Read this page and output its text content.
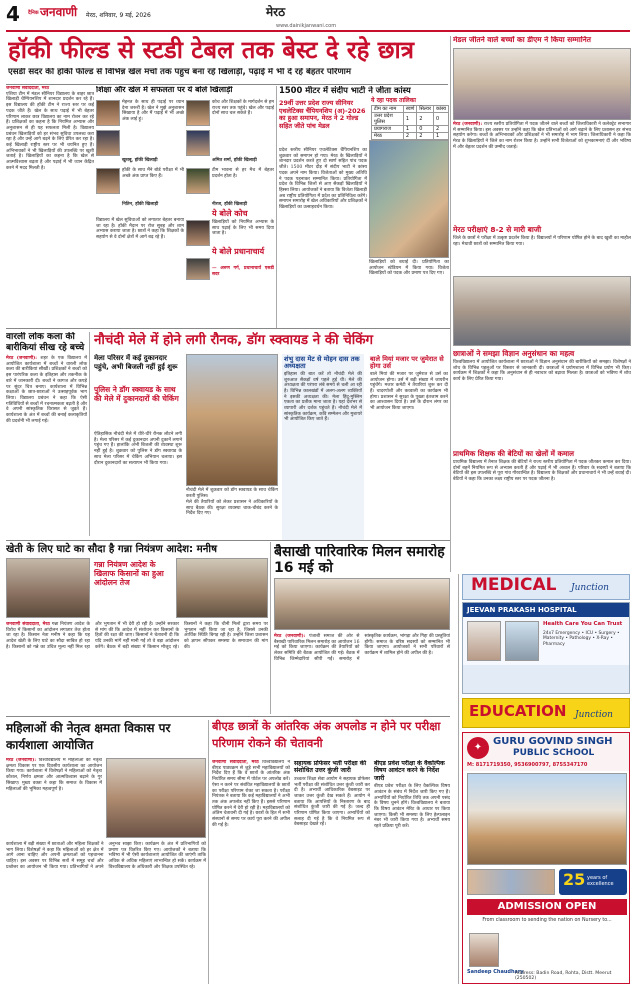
4 दैनिक जनवाणी मेरठ, शनिवार, 9 मई, 2026	मेरठ
www.dainikjanwani.com
हॉकी फील्ड से स्टडी टेबल तक बेस्ट दे रहे छात्र
एसडी सदर की हॉकी फील्ड से विभिन्न खेल मंचों तक पहुंच बना रहे खिलाड़ी, पढ़ाई में भी दे रहे बेहतर परिणाम
जनवाणी संवाददाता, मेरठ
एशिया टीम में मंडल सीनियर विद्यालय के बाहर छात्र खिलाड़ी चैम्पियनशिप में शानदार प्रदर्शन कर रहे हैं। इस विद्यालय की हॉकी टीम ने राज्य स्तर पर कई पदक जीते हैं। खेल के साथ पढ़ाई में भी बेहतर परिणाम लाकर छात्र विद्यालय का नाम रोशन कर रहे हैं। प्रशिक्षकों का कहना है कि नियमित अभ्यास और अनुशासन से ही यह सफलता मिली है। विद्यालय प्रबंधन खिलाड़ियों को हर संभव सुविधा उपलब्ध करा रहा है और उन्हें आगे बढ़ने के लिए प्रेरित कर रहा है। कई खिलाड़ी राष्ट्रीय स्तर पर भी चयनित हुए हैं। अभिभावकों ने भी खिलाड़ियों की उपलब्धि पर खुशी जताई है। खिलाड़ियों का कहना है कि खेल से आत्मविश्वास बढ़ता है और पढ़ाई में भी ध्यान केंद्रित करने में मदद मिलती है।
शिक्षा और खेल में सफलता पर ये बोले खिलाड़ी
मेहनत के साथ ही पढ़ाई पर ध्यान देना जरूरी है। खेल ने मुझे अनुशासन सिखाया है और मैं पढ़ाई में भी अच्छे अंक लाई हूं।
कोच और शिक्षकों के मार्गदर्शन से हम राज्य स्तर तक पहुंचे। खेल और पढ़ाई दोनों साथ चल सकते हैं।
खुशबू, हॉकी खिलाड़ी	अमित शर्मा, हॉकी खिलाड़ी
हॉकी के साथ मैंने बोर्ड परीक्षा में भी अच्छे अंक प्राप्त किए हैं।
टीम भावना से हर मैच में बेहतर प्रदर्शन होता है।
नितिन, हॉकी खिलाड़ी	नीरज, हॉकी खिलाड़ी
ये बोले कोच
खिलाड़ियों को नियमित अभ्यास के साथ पढ़ाई के लिए भी समय दिया जाता है।
ये बोले प्रधानाचार्य
— अरुण गर्ग, प्रधानाचार्य एसडी सदर
विद्यालय में खेल सुविधाओं को लगातार बेहतर बनाया जा रहा है। हॉकी मैदान पर रोज सुबह और शाम अभ्यास कराया जाता है। छात्रों ने कहा कि शिक्षकों के सहयोग से वे दोनों क्षेत्रों में आगे बढ़ रहे हैं।
1500 मीटर में संदीप भाटी ने जीता कांस्य
29वीं उत्तर प्रदेश राज्य सीनियर एथलेटिक्स चैंपियनशिप (अ)-2026 का हुआ समापन, मेरठ ने 2 गोल्ड सहित जीते पांच मेडल
ये रहा पदक तालिका
टीम का नाम	स्वर्ण	सिल्वर	कांस्य
उत्तर प्रदेश पुलिस	1	2	0
प्रयागराज	1	0	2
मेरठ	2	2	1
प्रदेश स्तरीय सीनियर एथलेटिक्स चैंपियनशिप का शुक्रवार को समापन हो गया। मेरठ के खिलाड़ियों ने शानदार प्रदर्शन करते हुए दो स्वर्ण सहित पांच पदक जीते। 1500 मीटर दौड़ में संदीप भाटी ने कांस्य पदक अपने नाम किया। विजेताओं को मुख्य अतिथि ने पदक पहनाकर सम्मानित किया। प्रतियोगिता में प्रदेश के विभिन्न जिलों से आए सैकड़ों खिलाड़ियों ने हिस्सा लिया। आयोजकों ने बताया कि विजेता खिलाड़ी अब राष्ट्रीय प्रतियोगिता में प्रदेश का प्रतिनिधित्व करेंगे। समापन समारोह में खेल अधिकारियों और प्रशिक्षकों ने खिलाड़ियों का उत्साहवर्धन किया।
खिलाड़ियों को बधाई दी। प्रतियोगिता का आयोजन स्टेडियम में किया गया। विजेता खिलाड़ियों को पदक और प्रमाण पत्र दिए गए।
मेडल जीतने वाले बच्चों का डीएम ने किया सम्मानित
मेरठ (जनवाणी): राज्य स्तरीय प्रतियोगिता में पदक जीतने वाले बच्चों को जिलाधिकारी ने कलेक्ट्रेट सभागार में सम्मानित किया। इस अवसर पर उन्होंने कहा कि खेल प्रतिभाओं को आगे बढ़ाने के लिए प्रशासन हर संभव सहयोग करेगा। बच्चों के अभिभावकों और प्रशिक्षकों ने भी समारोह में भाग लिया। जिलाधिकारी ने कहा कि मेरठ के खिलाड़ियों ने जिले का नाम रोशन किया है। उन्होंने सभी विजेताओं को शुभकामनाएं दीं और भविष्य में और बेहतर प्रदर्शन की उम्मीद जताई।
मेरठ परीक्षाएं 8-2 से मारी बाजी
जिले के छात्रों ने परीक्षा में उत्कृष्ट प्रदर्शन किया है। विद्यालयों में परिणाम घोषित होने के बाद खुशी का माहौल रहा। मेधावी छात्रों को सम्मानित किया गया।
छात्राओं ने समझा विज्ञान अनुसंधान का महत्व
विश्वविद्यालय में आयोजित कार्यशाला में छात्राओं ने विज्ञान अनुसंधान की बारीकियों को समझा। विशेषज्ञों ने शोध के विभिन्न पहलुओं पर विस्तार से जानकारी दी। छात्राओं ने प्रयोगशाला में विभिन्न प्रयोग भी किए। कार्यक्रम में शिक्षकों ने कहा कि अनुसंधान से ही नवाचार को बढ़ावा मिलता है। छात्राओं को भविष्य में शोध कार्य के लिए प्रेरित किया गया।
प्राथमिक शिक्षक की बेटियों का खेलों में कमाल
प्राथमिक विद्यालय में तैनात शिक्षक की बेटियों ने राज्य स्तरीय प्रतियोगिता में पदक जीतकर कमाल कर दिया। दोनों बहनें नियमित रूप से अभ्यास करती हैं और पढ़ाई में भी अव्वल हैं। परिवार के सदस्यों ने बताया कि बेटियों की इस उपलब्धि से पूरा गांव गौरवान्वित है। विद्यालय के शिक्षकों और प्रधानाचार्य ने भी उन्हें बधाई दी। बेटियों ने कहा कि उनका लक्ष्य राष्ट्रीय स्तर पर पदक जीतना है।
वारली लोक कला की बारीकियां सीख रहे बच्चे
मेरठ (जनवाणी): शहर के एक विद्यालय में आयोजित कार्यशाला में बच्चों ने वारली लोक कला की बारीकियां सीखीं। प्रशिक्षकों ने बच्चों को इस पारंपरिक कला के इतिहास और तकनीक के बारे में जानकारी दी। बच्चों ने कागज और कपड़े पर सुंदर चित्र बनाए। कार्यशाला में विभिन्न कक्षाओं के छात्र-छात्राओं ने उत्साहपूर्वक भाग लिया। विद्यालय प्रबंधन ने कहा कि ऐसी गतिविधियों से बच्चों में रचनात्मकता बढ़ती है और वे अपनी सांस्कृतिक विरासत से जुड़ते हैं। कार्यशाला के अंत में बच्चों की बनाई कलाकृतियों की प्रदर्शनी भी लगाई गई।
नौचंदी मेले में होने लगी रौनक, डॉग स्क्वायड ने की चेकिंग
मेला परिसर में कई दुकानदार पहुंचे, अभी बिजली नहीं हुई शुरू
पुलिस ने डॉग स्क्वायड के साथ की मेले में दुकानदारों की चेकिंग
ऐतिहासिक नौचंदी मेले में धीरे-धीरे रौनक लौटने लगी है। मेला परिसर में कई दुकानदार अपनी दुकानें लगाने पहुंच गए हैं। हालांकि अभी बिजली की व्यवस्था शुरू नहीं हुई है। शुक्रवार को पुलिस ने डॉग स्क्वायड के साथ मेला परिसर में चेकिंग अभियान चलाया। इस दौरान दुकानदारों का सत्यापन भी किया गया।
नौचंदी मेले में शुक्रवार को डॉग स्क्वायड के साथ चेकिंग करती पुलिस।
मेले की तैयारियों को लेकर प्रशासन ने अधिकारियों के साथ बैठक की। सुरक्षा व्यवस्था चाक-चौबंद करने के निर्देश दिए गए।
शंभु दास मेट से मोहन दास तक अध्यक्षता
इतिहास की बात करें तो नौचंदी मेले की शुरुआत सैकड़ों वर्ष पहले हुई थी। मेले की अध्यक्षता की परंपरा लंबे समय से चली आ रही है। विभिन्न कालखंडों में अलग-अलग व्यक्तियों ने इसकी अध्यक्षता की। मेला हिंदू-मुस्लिम एकता का प्रतीक माना जाता है। यहां देशभर से व्यापारी और दर्शक पहुंचते हैं। नौचंदी मेले में सांस्कृतिक कार्यक्रम, कवि सम्मेलन और मुशायरे भी आयोजित किए जाते हैं।
बाले मियां मजार पर जुमेरात से होगा उर्स
बाले मियां की मजार पर जुमेरात से उर्स का आयोजन होगा। उर्स में बड़ी संख्या में जायरीन पहुंचेंगे। मजार कमेटी ने तैयारियां शुरू कर दी हैं। चादरपोशी और कव्वाली का कार्यक्रम भी होगा। प्रशासन ने सुरक्षा के पुख्ता इंतजाम करने का आश्वासन दिया है। उर्स के दौरान लंगर का भी आयोजन किया जाएगा।
खेती के लिए घाटे का सौदा है गन्ना नियंत्रण आदेश: मनीष
गन्ना नियंत्रण आदेश के खिलाफ किसानों का हुआ आंदोलन तेज
जनवाणी संवाददाता, मेरठ गन्ना नियंत्रण आदेश के विरोध में किसानों का आंदोलन लगातार तेज होता जा रहा है। किसान नेता मनीष ने कहा कि यह आदेश खेती के लिए घाटे का सौदा साबित हो रहा है। किसानों को गन्ने का उचित मूल्य नहीं मिल रहा और भुगतान में भी देरी हो रही है। उन्होंने सरकार से मांग की कि आदेश में संशोधन कर किसानों के हितों की रक्षा की जाए। किसानों ने चेतावनी दी कि यदि उनकी मांगें नहीं मानी गईं तो वे बड़ा आंदोलन करेंगे। बैठक में बड़ी संख्या में किसान मौजूद रहे। किसानों ने कहा कि चीनी मिलों द्वारा समय पर भुगतान नहीं किया जा रहा है, जिससे उनकी आर्थिक स्थिति बिगड़ रही है। उन्होंने जिला प्रशासन को ज्ञापन सौंपकर समस्या के समाधान की मांग की।
बैसाखी पारिवारिक मिलन समारोह 16 मई को
मेरठ (जनवाणी): पंजाबी समाज की ओर से बैसाखी पारिवारिक मिलन समारोह का आयोजन 16 मई को किया जाएगा। कार्यक्रम की तैयारियों को लेकर समिति की बैठक आयोजित की गई। बैठक में विभिन्न जिम्मेदारियां सौंपी गईं। समारोह में सांस्कृतिक कार्यक्रम, भांगड़ा और गिद्दा की प्रस्तुतियां होंगी। समाज के वरिष्ठ सदस्यों को सम्मानित भी किया जाएगा। आयोजकों ने सभी परिवारों से कार्यक्रम में शामिल होने की अपील की है।
महिलाओं की नेतृत्व क्षमता विकास पर कार्यशाला आयोजित
मेरठ (जनवाणी): विश्वविद्यालय में महिलाओं की नेतृत्व क्षमता विकास पर एक दिवसीय कार्यशाला का आयोजन किया गया। कार्यशाला में विशेषज्ञों ने महिलाओं को नेतृत्व कौशल, निर्णय क्षमता और आत्मविश्वास बढ़ाने के गुर सिखाए। मुख्य वक्ता ने कहा कि समाज के विकास में महिलाओं की भूमिका महत्वपूर्ण है।
कार्यशाला में बड़ी संख्या में छात्राओं और महिला शिक्षकों ने भाग लिया। विशेषज्ञों ने कहा कि महिलाओं को हर क्षेत्र में आगे आना चाहिए और अपनी क्षमताओं को पहचानना चाहिए। इस अवसर पर विभिन्न सत्रों में समूह चर्चा और प्रश्नोत्तर का आयोजन भी किया गया। प्रतिभागियों ने अपने अनुभव साझा किए। कार्यक्रम के अंत में प्रतिभागियों को प्रमाण पत्र वितरित किए गए। आयोजकों ने बताया कि भविष्य में भी ऐसी कार्यशालाएं आयोजित की जाएंगी ताकि अधिक से अधिक महिलाएं लाभान्वित हो सकें। कार्यक्रम में विश्वविद्यालय के अधिकारी और शिक्षक उपस्थित रहे।
बीएड छात्रों के आंतरिक अंक अपलोड न होने पर परीक्षा परिणाम रोकने की चेतावनी
जनवाणी संवाददाता, मेरठ विश्वविद्यालय ने बीएड पाठ्यक्रम से जुड़े सभी महाविद्यालयों को निर्देश दिए हैं कि वे छात्रों के आंतरिक अंक निर्धारित समय सीमा में पोर्टल पर अपलोड करें। ऐसा न करने पर संबंधित महाविद्यालयों के छात्रों का परीक्षा परिणाम रोका जा सकता है। परीक्षा नियंत्रक ने बताया कि कई महाविद्यालयों ने अभी तक अंक अपलोड नहीं किए हैं। इससे परिणाम घोषित करने में देरी हो रही है। महाविद्यालयों को अंतिम चेतावनी दी गई है। छात्रों के हित में सभी संस्थानों से समय पर कार्य पूरा करने की अपील की गई है।
सहायक प्रोफेसर भर्ती परीक्षा की संशोधित उत्तर कुंजी जारी
उच्चतर शिक्षा सेवा आयोग ने सहायक प्रोफेसर भर्ती परीक्षा की संशोधित उत्तर कुंजी जारी कर दी है। अभ्यर्थी आधिकारिक वेबसाइट पर जाकर उत्तर कुंजी देख सकते हैं। आयोग ने बताया कि आपत्तियों के निस्तारण के बाद संशोधित कुंजी जारी की गई है। जल्द ही परिणाम घोषित किया जाएगा। अभ्यर्थियों को सलाह दी गई है कि वे नियमित रूप से वेबसाइट देखते रहें।
बीएड प्रवेश परीक्षा के वैकल्पिक विषय आवंटन करने के निर्देश जारी
बीएड प्रवेश परीक्षा के लिए वैकल्पिक विषय आवंटन के संबंध में निर्देश जारी किए गए हैं। अभ्यर्थियों को निर्धारित तिथि तक अपनी पसंद के विषय चुनने होंगे। विश्वविद्यालय ने बताया कि विषय आवंटन मेरिट के आधार पर किया जाएगा। किसी भी समस्या के लिए हेल्पलाइन नंबर भी जारी किया गया है। अभ्यर्थी समय रहते प्रक्रिया पूरी करें।
MEDICAL Junction
JEEVAN PRAKASH HOSPITAL
Health Care You Can Trust
24x7 Emergency • ICU • Surgery • Maternity • Pathology • X-Ray • Pharmacy
EDUCATION Junction
✦
GURU GOVIND SINGH
PUBLIC SCHOOL
M: 8171719350, 9536900797, 8755347170
25 years of excellence
ADMISSION OPEN
From classroom to sending the nation on Nursery to...
Sandeep Chaudhary
Address: Badin Road, Rohta, Distt. Meerut (250502)
